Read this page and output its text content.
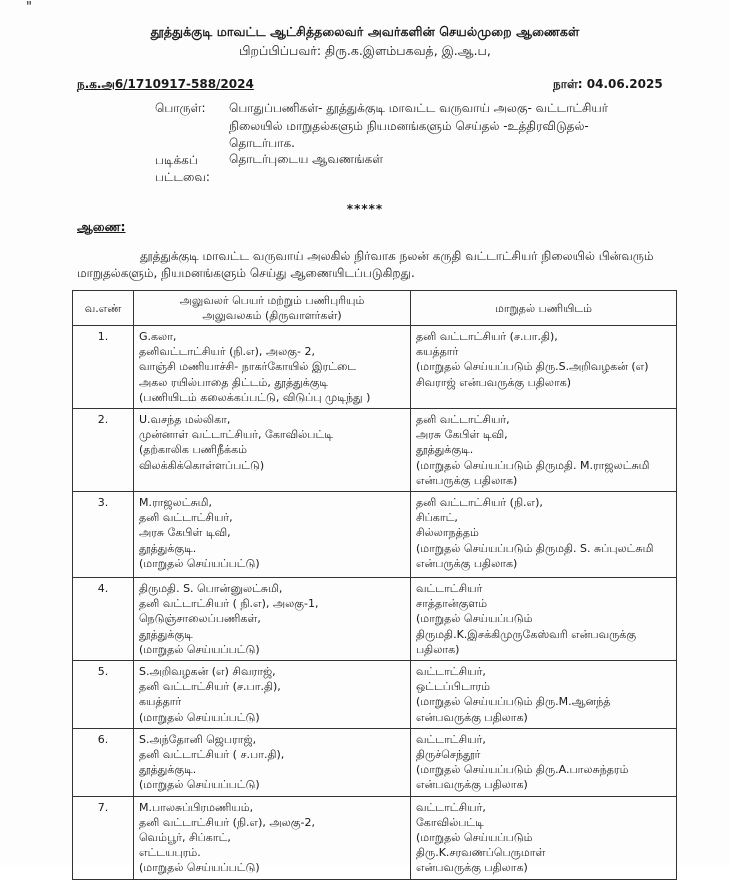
"
தூத்துக்குடி மாவட்ட ஆட்சித்தலைவர் அவர்களின் செயல்முறை ஆணைகள்
பிறப்பிப்பவர்: திரு.க.இளம்பகவத், இ.ஆ.ப,
ந.க.அ6/1710917-588/2024	நாள்: 04.06.2025
பொருள்: பொதுப்பணிகள்- தூத்துக்குடி மாவட்ட வருவாய் அலகு- வட்டாட்சியர் நிலையில் மாறுதல்களும் நியமனங்களும் செய்தல் -உத்திரவிடுதல்- தொடர்பாக.
படிக்கப்
பட்டவை:
தொடர்புடைய ஆவணங்கள்
*****
ஆணை:
தூத்துக்குடி மாவட்ட வருவாய் அலகில் நிர்வாக நலன் கருதி வட்டாட்சியர் நிலையில் பின்வரும் மாறுதல்களும், நியமனங்களும் செய்து ஆணையிடப்படுகிறது.
வ.எண்	அலுவலர் பெயர் மற்றும் பணிபுரியும்
அலுவலகம் (திருவாளர்கள்)	மாறுதல் பணியிடம்
1.	G.கலா,
தனிவட்டாட்சியர் (நி.எ), அலகு- 2,
வாஞ்சி மணியாச்சி- நாகர்கோயில் இரட்டை
அகல ரயில்பாதை திட்டம், தூத்துக்குடி
(பணியிடம் கலைக்கப்பட்டு, விடுப்பு முடிந்து )	தனி வட்டாட்சியர் (ச.பா.தி),
கயத்தார்
(மாறுதல் செய்யப்படும் திரு.S.அறிவழகன் (எ)
சிவராஜ் என்பவருக்கு பதிலாக)

2.	U.வசந்த மல்லிகா,
முன்னாள் வட்டாட்சியர், கோவில்பட்டி
(தற்காலிக பணிநீக்கம்
விலக்கிக்கொள்ளப்பட்டு)	தனி வட்டாட்சியர்,
அரசு கேபிள் டிவி,
தூத்துக்குடி.
(மாறுதல் செய்யப்படும் திருமதி. M.ராஜலட்சுமி
என்பருக்கு பதிலாக)

3.	M.ராஜலட்சுமி,
தனி வட்டாட்சியர்,
அரசு கேபிள் டிவி,
தூத்துக்குடி.
(மாறுதல் செய்யப்பட்டு)	தனி வட்டாட்சியர் (நி.எ),
சிப்காட்,
சில்லாநத்தம்
(மாறுதல் செய்யப்படும் திருமதி. S. சுப்புலட்சுமி
என்பருக்கு பதிலாக)

4.	திருமதி. S. பொன்னுலட்சுமி,
தனி வட்டாட்சியர் ( நி.எ), அலகு-1,
நெடுஞ்சாலைப்பணிகள்,
தூத்துக்குடி
(மாறுதல் செய்யப்பட்டு)	வட்டாட்சியர்
சாத்தான்குளம்
(மாறுதல் செய்யப்படும்
திருமதி.K.இசக்கிமுருகேஸ்வரி என்பவருக்கு
பதிலாக)

5.	S.அறிவழகன் (எ) சிவராஜ்,
தனி வட்டாட்சியர் (ச.பா.தி),
கயத்தார்
(மாறுதல் செய்யப்பட்டு)	வட்டாட்சியர்,
ஒட்டப்பிடாரம்
(மாறுதல் செய்யப்படும் திரு.M.ஆனந்த்
என்பவருக்கு பதிலாக)

6.	S.அந்தோனி ஜெபராஜ்,
தனி வட்டாட்சியர் ( ச.பா.தி),
தூத்துக்குடி.
(மாறுதல் செய்யப்பட்டு)	வட்டாட்சியர்,
திருச்செந்தூர்
(மாறுதல் செய்யப்படும் திரு.A.பாலசுந்தரம்
என்பவருக்கு பதிலாக)

7.	M.பாலசுப்பிரமணியம்,
தனி வட்டாட்சியர் (நி.எ), அலகு-2,
வெம்பூர், சிப்காட்,
எட்டயபுரம்.
(மாறுதல் செய்யப்பட்டு)	வட்டாட்சியர்,
கோவில்பட்டி
(மாறுதல் செய்யப்படும்
திரு.K.சரவணப்பெருமாள்
என்பவருக்கு பதிலாக)
